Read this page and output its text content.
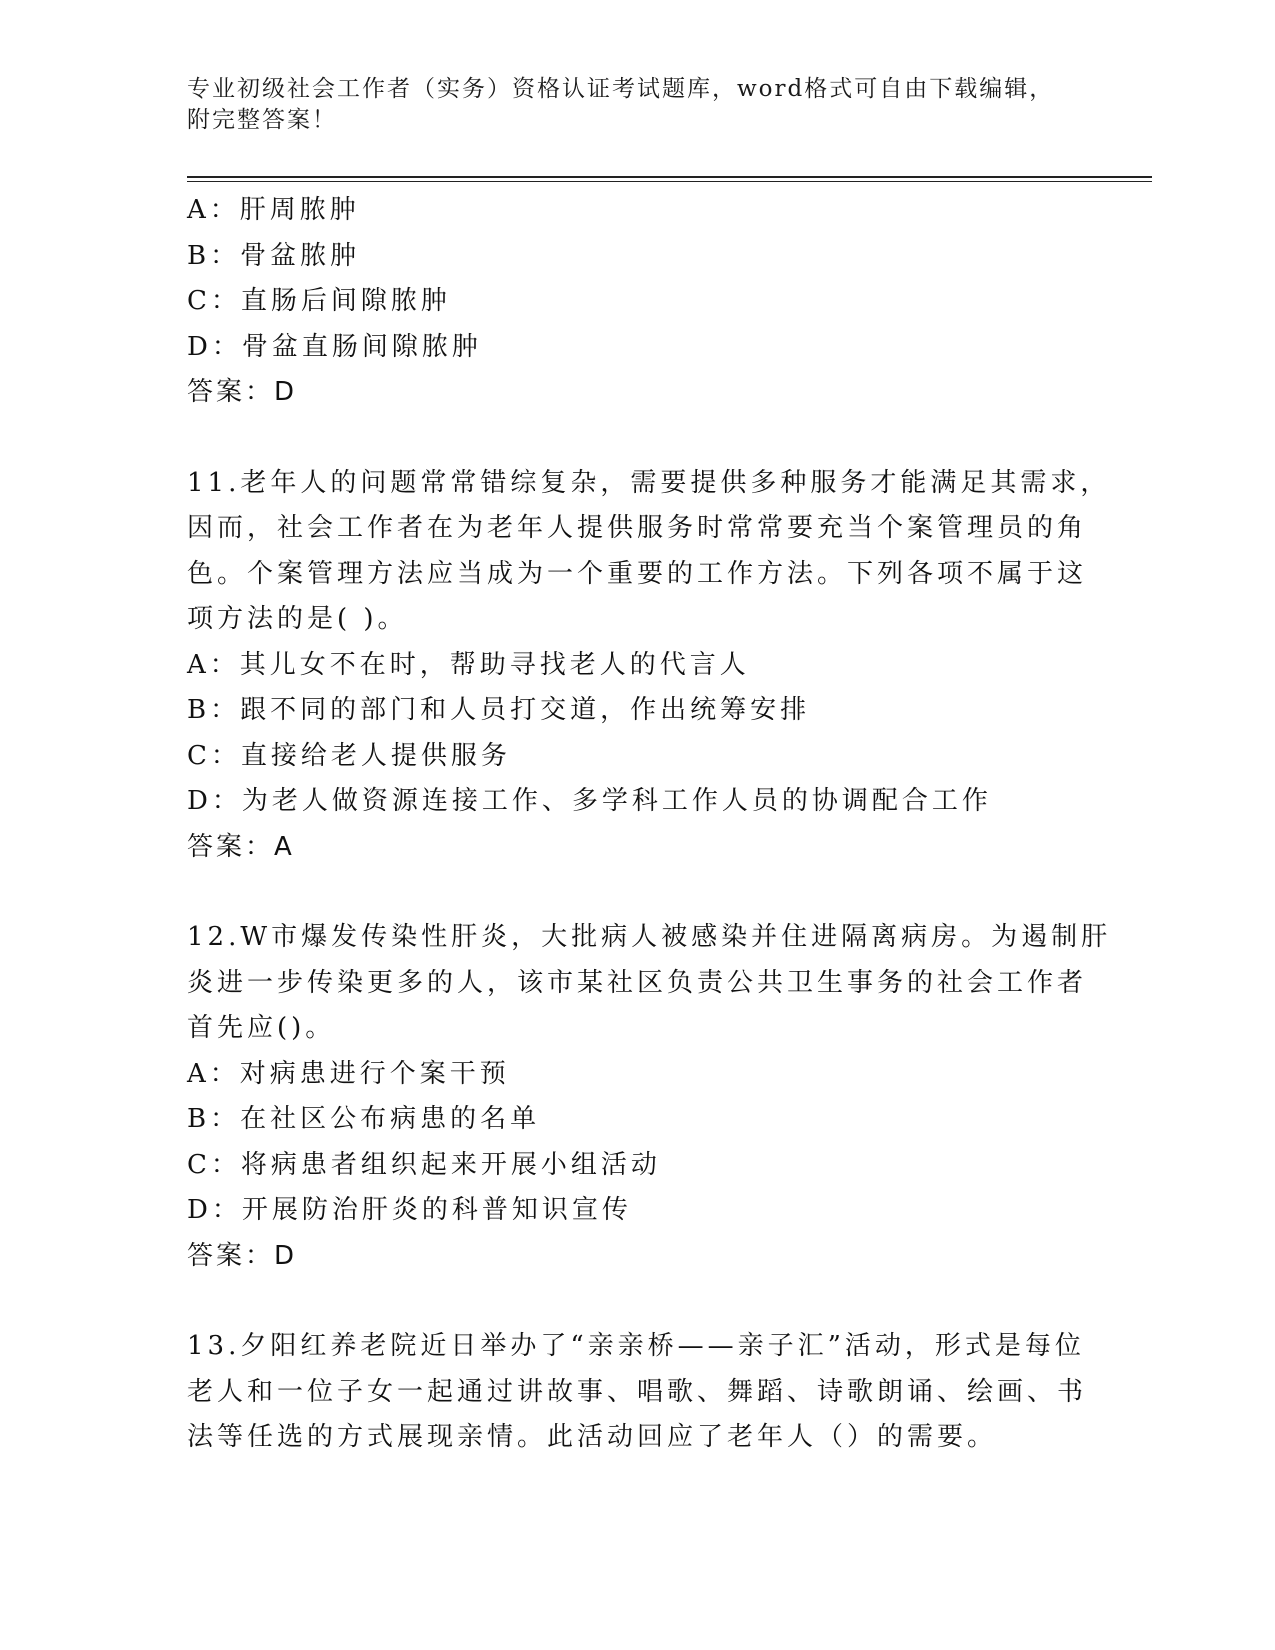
专业初级社会工作者（实务）资格认证考试题库，word格式可自由下载编辑，附完整答案！
A：肝周脓肿
B：骨盆脓肿
C：直肠后间隙脓肿
D：骨盆直肠间隙脓肿
答案：D
11.老年人的问题常常错综复杂，需要提供多种服务才能满足其需求，
因而，社会工作者在为老年人提供服务时常常要充当个案管理员的角
色。个案管理方法应当成为一个重要的工作方法。下列各项不属于这
项方法的是( )。
A：其儿女不在时，帮助寻找老人的代言人
B：跟不同的部门和人员打交道，作出统筹安排
C：直接给老人提供服务
D：为老人做资源连接工作、多学科工作人员的协调配合工作
答案：A
12.W市爆发传染性肝炎，大批病人被感染并住进隔离病房。为遏制肝
炎进一步传染更多的人，该市某社区负责公共卫生事务的社会工作者
首先应()。
A：对病患进行个案干预
B：在社区公布病患的名单
C：将病患者组织起来开展小组活动
D：开展防治肝炎的科普知识宣传
答案：D
13.夕阳红养老院近日举办了“亲亲桥——亲子汇”活动，形式是每位
老人和一位子女一起通过讲故事、唱歌、舞蹈、诗歌朗诵、绘画、书
法等任选的方式展现亲情。此活动回应了老年人（）的需要。
